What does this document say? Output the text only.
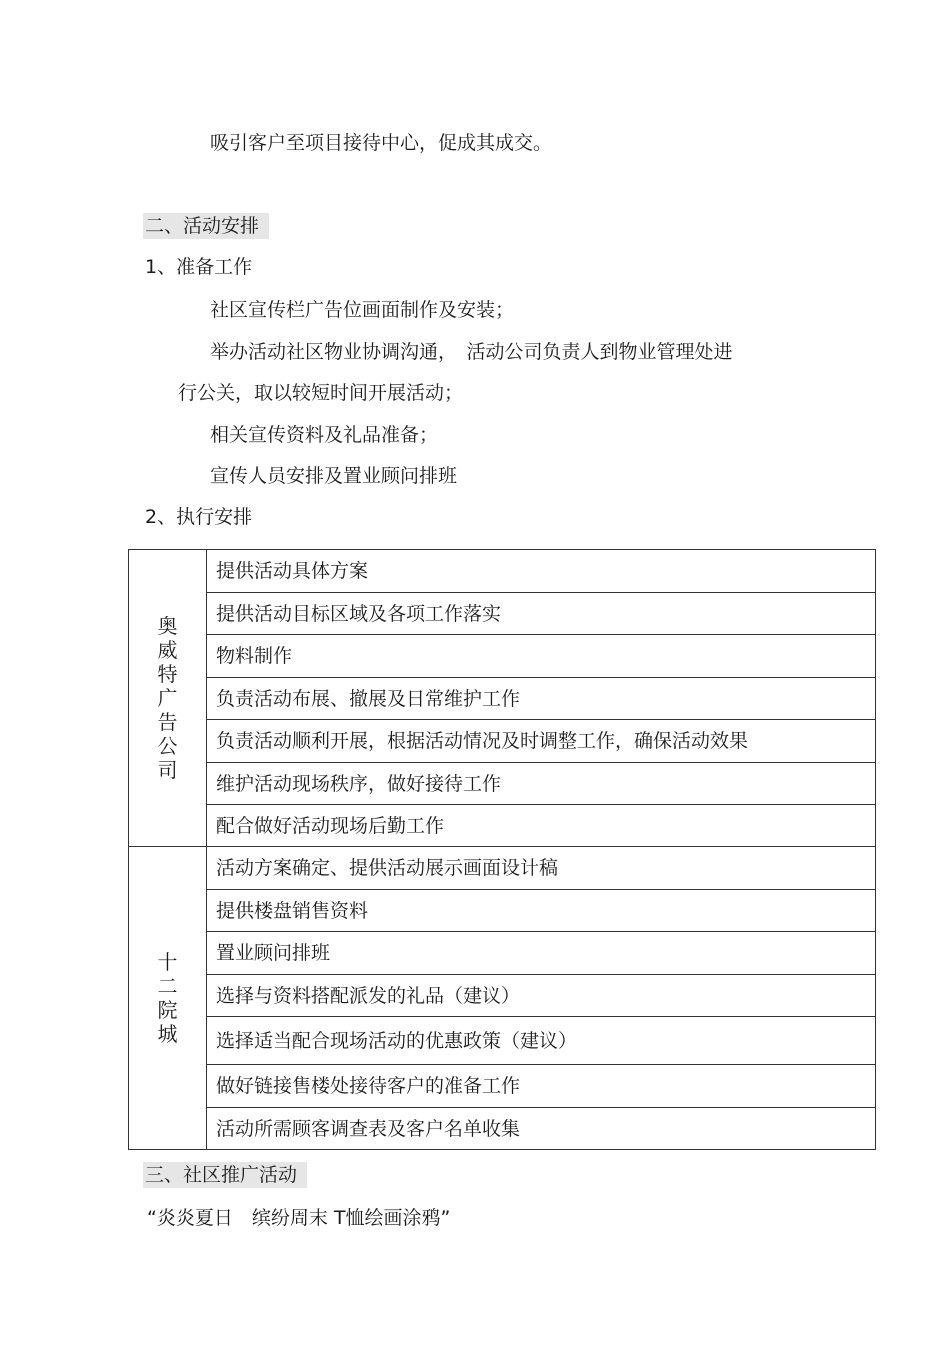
吸引客户至项目接待中心，促成其成交。
二、活动安排
1、准备工作
社区宣传栏广告位画面制作及安装；
举办活动社区物业协调沟通，　活动公司负责人到物业管理处进
行公关，取以较短时间开展活动；
相关宣传资料及礼品准备；
宣传人员安排及置业顾问排班
2、执行安排
奥威特广告公司	提供活动具体方案
	提供活动目标区域及各项工作落实
	物料制作
	负责活动布展、撤展及日常维护工作
	负责活动顺利开展，根据活动情况及时调整工作，确保活动效果
	维护活动现场秩序，做好接待工作
	配合做好活动现场后勤工作
十二院城	活动方案确定、提供活动展示画面设计稿
	提供楼盘销售资料
	置业顾问排班
	选择与资料搭配派发的礼品（建议）
	选择适当配合现场活动的优惠政策（建议）
	做好链接售楼处接待客户的准备工作
	活动所需顾客调查表及客户名单收集
三、社区推广活动
“炎炎夏日　缤纷周末 T恤绘画涂鸦”
